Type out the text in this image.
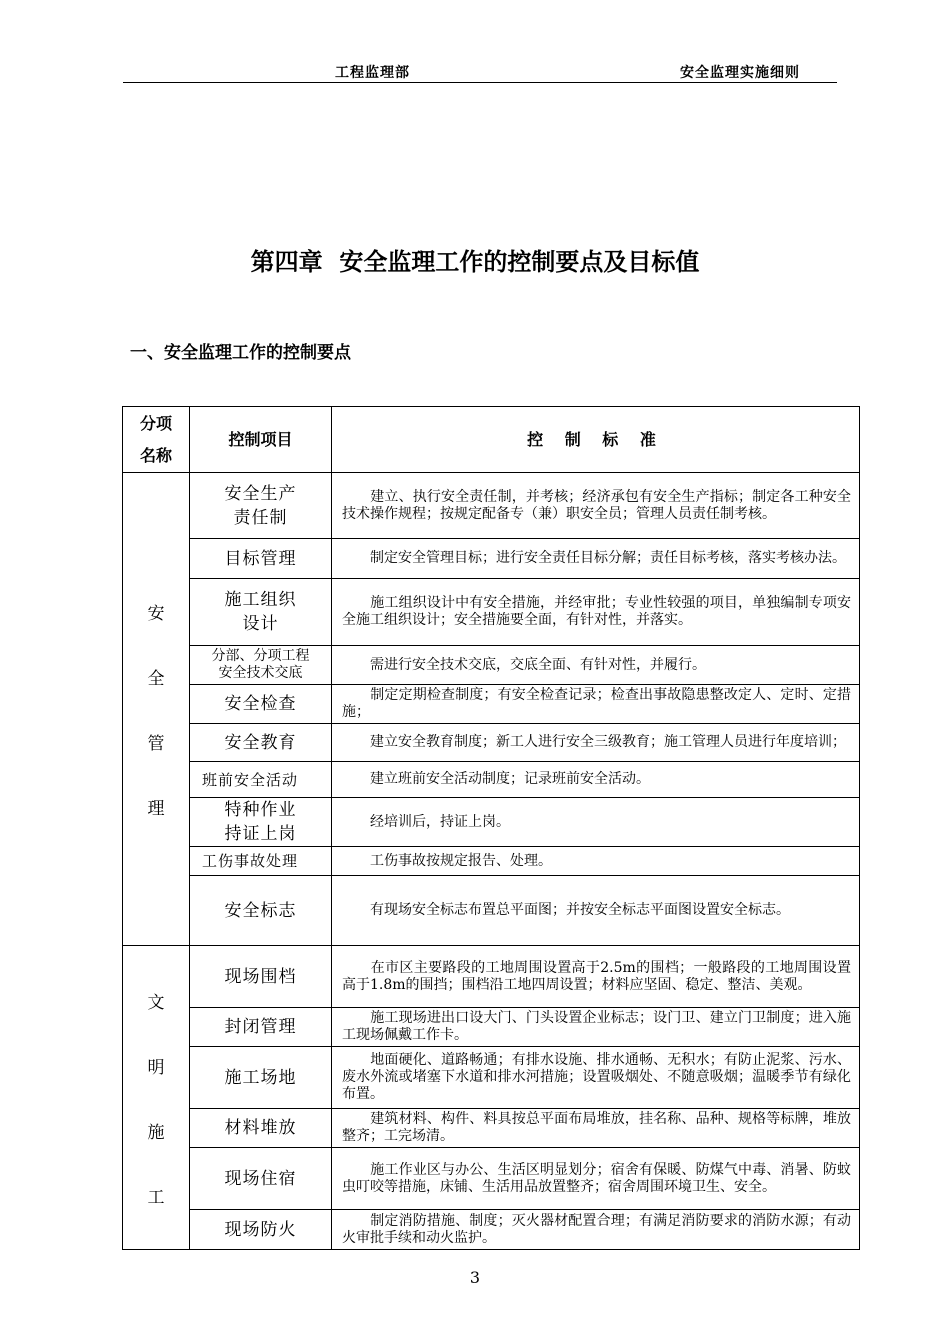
工程监理部	安全监理实施细则
第四章  安全监理工作的控制要点及目标值
一、安全监理工作的控制要点
分项
名称	控制项目	控 制 标 准

安
全
管
理	安全生产
责任制	　　建立、执行安全责任制，并考核；经济承包有安全生产指标；制定各工种安全技术操作规程；按规定配备专（兼）职安全员；管理人员责任制考核。
	目标管理	　　制定安全管理目标；进行安全责任目标分解；责任目标考核，落实考核办法。
	施工组织
设计	　　施工组织设计中有安全措施，并经审批；专业性较强的项目，单独编制专项安全施工组织设计；安全措施要全面，有针对性，并落实。
	分部、分项工程
安全技术交底	　　需进行安全技术交底，交底全面、有针对性，并履行。
	安全检查	　　制定定期检查制度；有安全检查记录；检查出事故隐患整改定人、定时、定措施；
	安全教育	　　建立安全教育制度；新工人进行安全三级教育；施工管理人员进行年度培训；
	班前安全活动	　　建立班前安全活动制度；记录班前安全活动。
	特种作业
持证上岗	　　经培训后，持证上岗。
	工伤事故处理	　　工伤事故按规定报告、处理。
	安全标志	　　有现场安全标志布置总平面图；并按安全标志平面图设置安全标志。

文
明
施
工	现场围档	　　在市区主要路段的工地周围设置高于2.5m的围档；一般路段的工地周围设置高于1.8m的围挡；围档沿工地四周设置；材料应坚固、稳定、整洁、美观。
	封闭管理	　　施工现场进出口设大门、门头设置企业标志；设门卫、建立门卫制度；进入施工现场佩戴工作卡。
	施工场地	　　地面硬化、道路畅通；有排水设施、排水通畅、无积水；有防止泥浆、污水、废水外流或堵塞下水道和排水河措施；设置吸烟处、不随意吸烟；温暖季节有绿化布置。
	材料堆放	　　建筑材料、构件、料具按总平面布局堆放，挂名称、品种、规格等标牌，堆放整齐；工完场清。
	现场住宿	　　施工作业区与办公、生活区明显划分；宿舍有保暖、防煤气中毒、消暑、防蚊虫叮咬等措施，床铺、生活用品放置整齐；宿舍周围环境卫生、安全。
	现场防火	　　制定消防措施、制度；灭火器材配置合理；有满足消防要求的消防水源；有动火审批手续和动火监护。
3
